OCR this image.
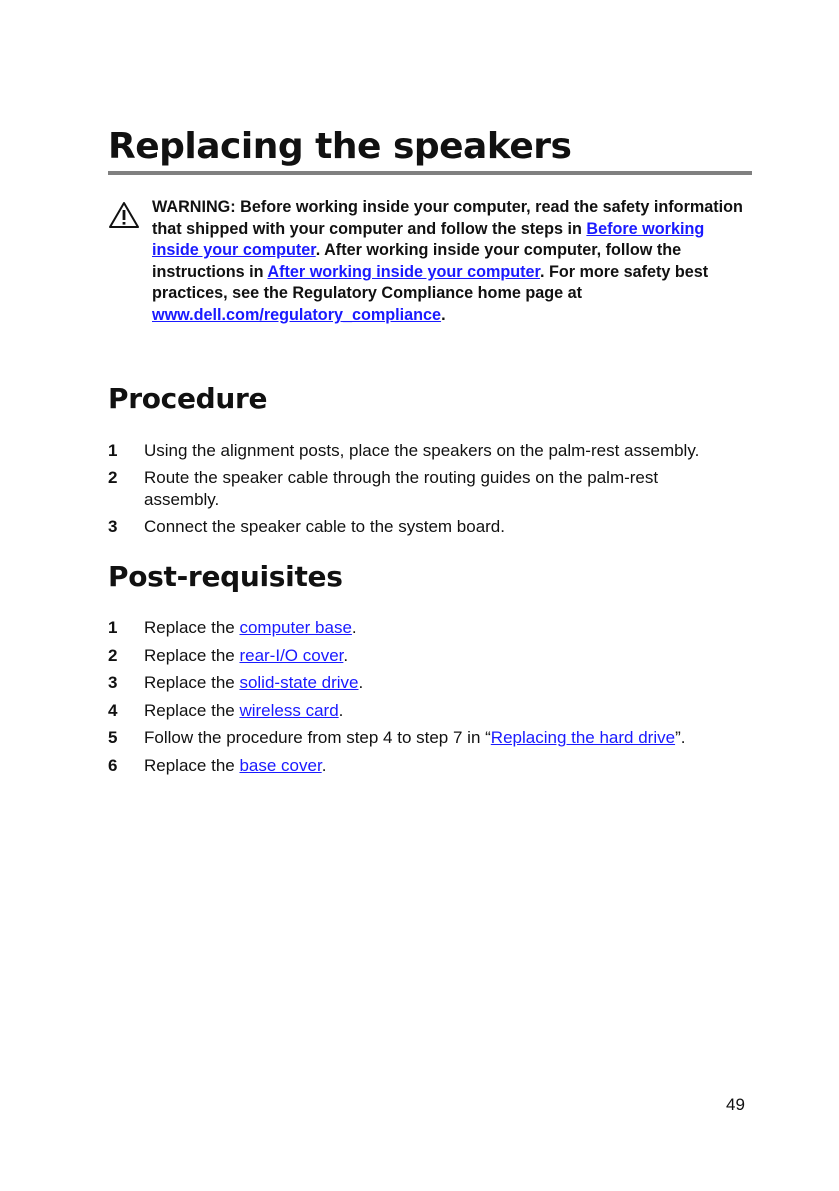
Replacing the speakers
WARNING: Before working inside your computer, read the safety information that shipped with your computer and follow the steps in Before working inside your computer. After working inside your computer, follow the instructions in After working inside your computer. For more safety best practices, see the Regulatory Compliance home page at www.dell.com/regulatory_compliance.
Procedure
1 Using the alignment posts, place the speakers on the palm-rest assembly.
2 Route the speaker cable through the routing guides on the palm-rest assembly.
3 Connect the speaker cable to the system board.
Post-requisites
1 Replace the computer base.
2 Replace the rear-I/O cover.
3 Replace the solid-state drive.
4 Replace the wireless card.
5 Follow the procedure from step 4 to step 7 in “Replacing the hard drive”.
6 Replace the base cover.
49
